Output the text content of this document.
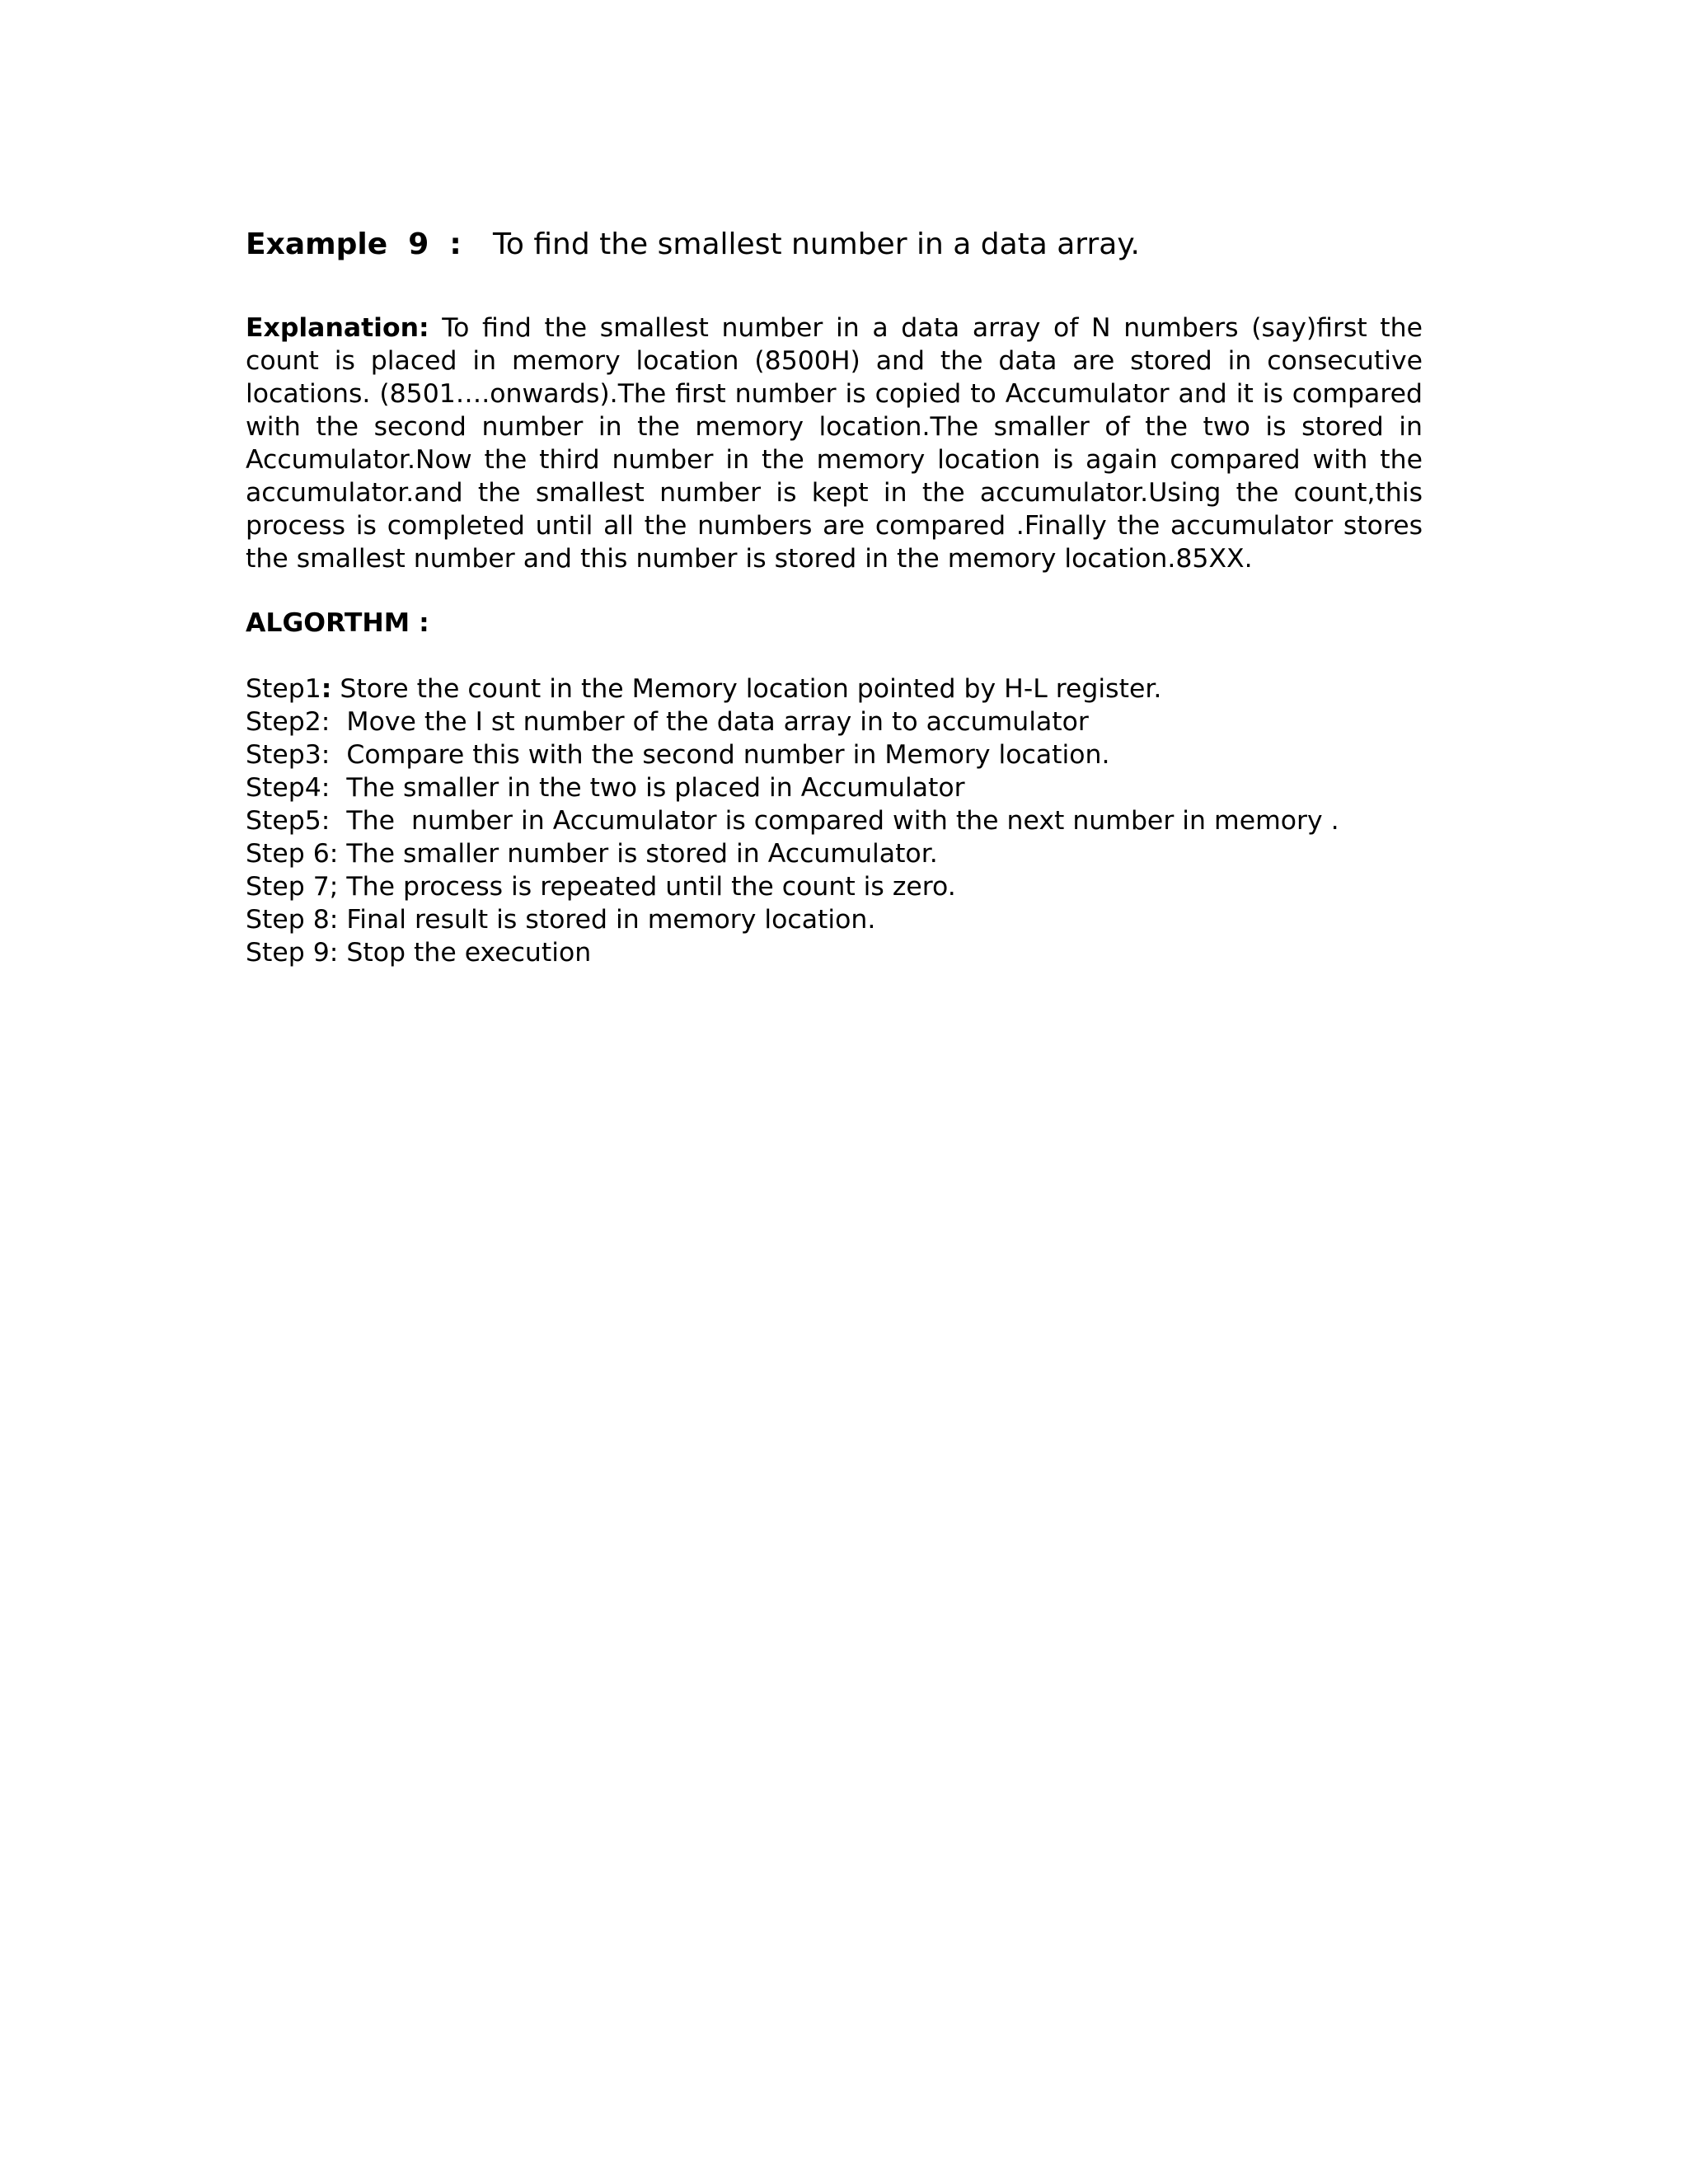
Example  9  :	To find the smallest number in a data array.

Explanation: To find the smallest number in a data array of N numbers (say)first the count is placed in memory location (8500H) and the data are stored in consecutive locations. (8501….onwards).The first number is copied to Accumulator and it is compared with the second number in the memory location.The smaller of the two is stored in Accumulator.Now the third number in the memory location is again compared with the accumulator.and the smallest number is kept in the accumulator.Using the count,this process is completed until all the numbers are compared .Finally the accumulator stores the smallest number and this number is stored in the memory location.85XX.

ALGORTHM :
Step1: Store the count in the Memory location pointed by H-L register.
Step2:  Move the I st number of the data array in to accumulator
Step3:  Compare this with the second number in Memory location.
Step4:  The smaller in the two is placed in Accumulator
Step5:  The  number in Accumulator is compared with the next number in memory .
Step 6: The smaller number is stored in Accumulator.
Step 7; The process is repeated until the count is zero.
Step 8: Final result is stored in memory location.
Step 9: Stop the execution
